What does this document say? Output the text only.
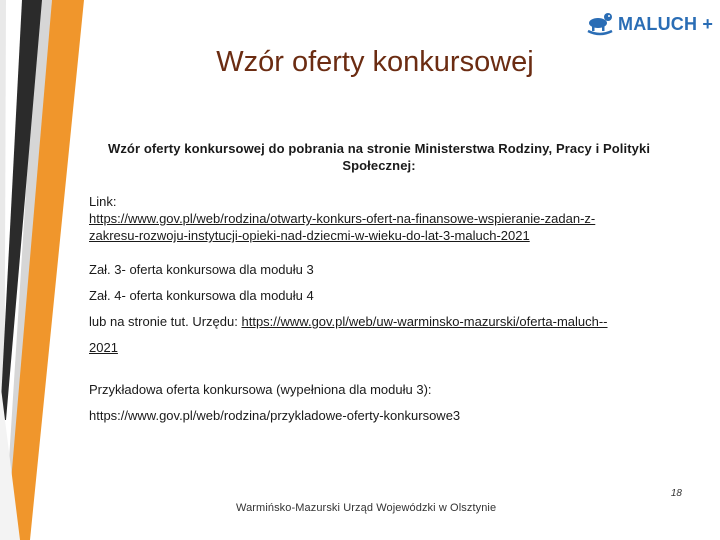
MALUCH +
Wzór oferty konkursowej
Wzór oferty konkursowej do pobrania na stronie Ministerstwa Rodziny, Pracy i Polityki
Społecznej:
Link:
https://www.gov.pl/web/rodzina/otwarty-konkurs-ofert-na-finansowe-wspieranie-zadan-z-
zakresu-rozwoju-instytucji-opieki-nad-dziecmi-w-wieku-do-lat-3-maluch-2021
Zał. 3- oferta konkursowa dla modułu 3
Zał. 4- oferta konkursowa dla modułu 4
lub na stronie tut. Urzędu: https://www.gov.pl/web/uw-warminsko-mazurski/oferta-maluch--
2021
Przykładowa oferta konkursowa (wypełniona dla modułu 3):
https://www.gov.pl/web/rodzina/przykladowe-oferty-konkursowe3
18
Warmińsko-Mazurski Urząd Wojewódzki w Olsztynie
